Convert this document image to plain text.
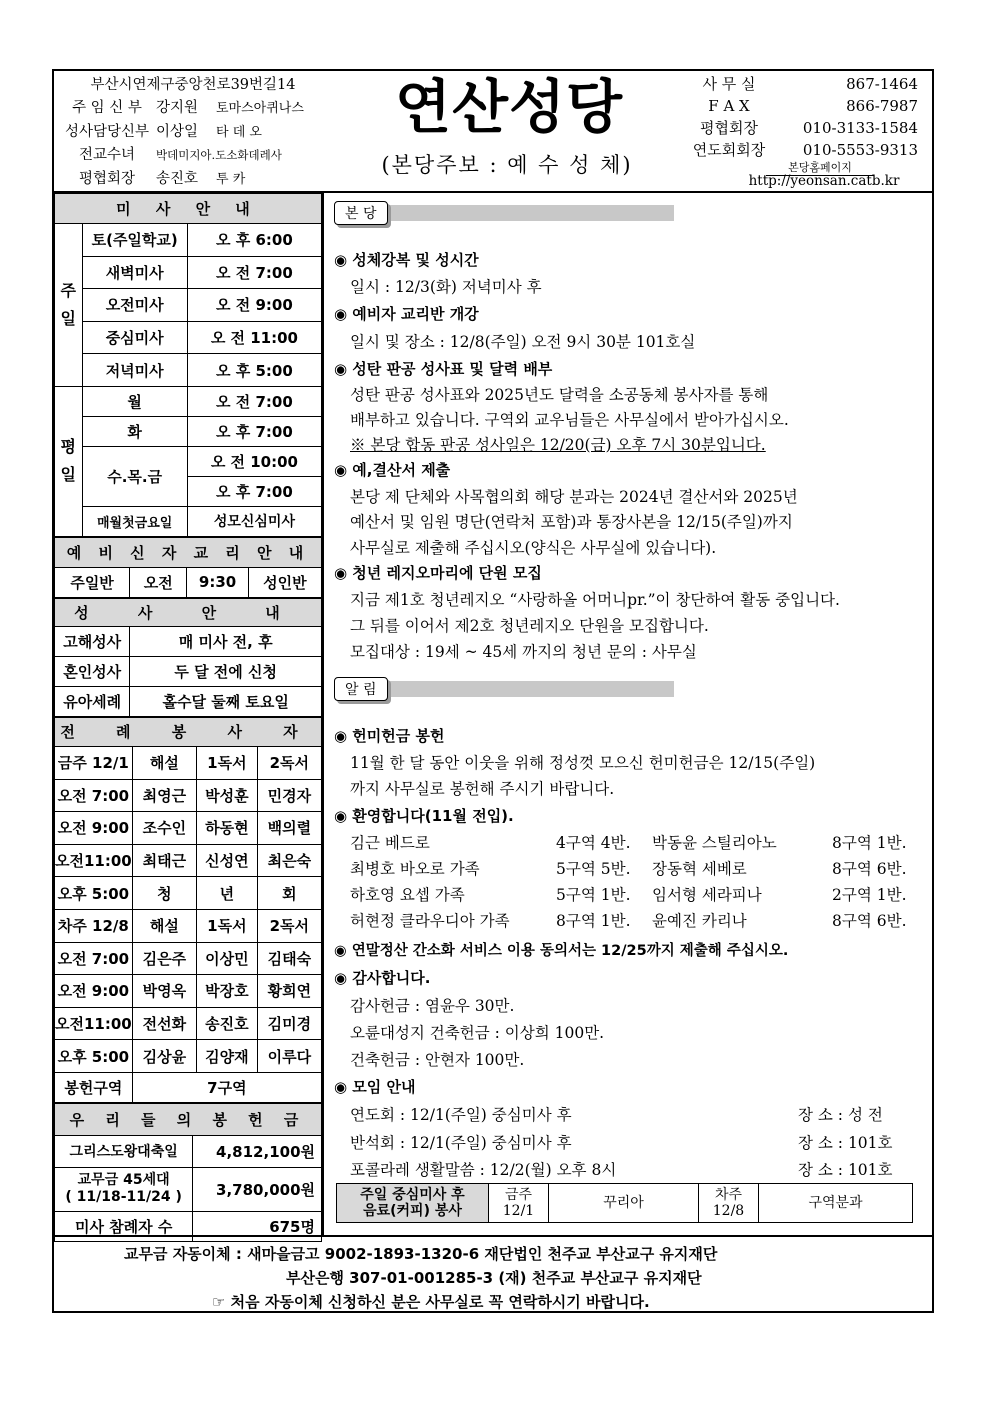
부산시연제구중앙천로39번길14
주 임 신 부 강지원	토마스아퀴나스
성사담당신부 이상일	타 데 오
전교수녀	박데미지아.도소화데레사
평협회장	송진호	투 카
연산성당
(본당주보 : 예 수 성 체)
사 무 실	867-1464
F A X	866-7987
평협회장	010-3133-1584
연도회회장	010-5553-9313
본당홈페이지
http://yeonsan.catb.kr
미 사 안 내		
주 일	토(주일학교)	오 후 6:00
	새벽미사	오 전 7:00
	오전미사	오 전 9:00
	중심미사	오 전 11:00
	저녁미사	오 후 5:00
평 일	월	오 전 7:00
	화	오 후 7:00
	수.목.금	오 전 10:00
		오 후 7:00
	매월첫금요일	성모신심미사
예 비 신 자 교 리 안 내
주일반	오전	9:30	성인반
성 사 안 내	
고해성사	매 미사 전, 후
혼인성사	두 달 전에 신청
유아세례	홀수달 둘째 토요일
전 례 봉 사 자			
금주 12/1	해설	1독서	2독서
오전 7:00	최영근	박성훈	민경자
오전 9:00	조수인	하동현	백의렬
오전11:00	최태근	신성연	최은숙
오후 5:00	청	년	회
차주 12/8	해설	1독서	2독서
오전 7:00	김은주	이상민	김태숙
오전 9:00	박영옥	박장호	황희연
오전11:00	전선화	송진호	김미경
오후 5:00	김상윤	김양재	이루다
봉헌구역	7구역		
우 리 들 의 봉 헌 금	
그리스도왕대축일	4,812,100원
교무금 45세대
( 11/18-11/24 )	3,780,000원
미사 참례자 수	675명
본 당
◉ 성체강복 및 성시간
일시 : 12/3(화) 저녁미사 후
◉ 예비자 교리반 개강
일시 및 장소 : 12/8(주일) 오전 9시 30분 101호실
◉ 성탄 판공 성사표 및 달력 배부
성탄 판공 성사표와 2025년도 달력을 소공동체 봉사자를 통해
배부하고 있습니다. 구역외 교우님들은 사무실에서 받아가십시오.
※ 본당 합동 판공 성사일은 12/20(금) 오후 7시 30분입니다.
◉ 예,결산서 제출
본당 제 단체와 사목협의회 해당 분과는 2024년 결산서와 2025년
예산서 및 임원 명단(연락처 포함)과 통장사본을 12/15(주일)까지
사무실로 제출해 주십시오(양식은 사무실에 있습니다).
◉ 청년 레지오마리에 단원 모집
지금 제1호 청년레지오 “사랑하올 어머니pr.”이 창단하여 활동 중입니다.
그 뒤를 이어서 제2호 청년레지오 단원을 모집합니다.
모집대상 : 19세 ~ 45세 까지의 청년 문의 : 사무실
알 림
◉ 헌미헌금 봉헌
11월 한 달 동안 이웃을 위해 정성껏 모으신 헌미헌금은 12/15(주일)
까지 사무실로 봉헌해 주시기 바랍니다.
◉ 환영합니다(11월 전입).
김근 베드로	4구역 4반. 박동윤 스틸리아노	8구역 1반.
최병호 바오로 가족	5구역 5반. 장동혁 세베로	8구역 6반.
하호영 요셉 가족	5구역 1반. 임서형 세라피나	2구역 1반.
허현정 클라우디아 가족	8구역 1반. 윤예진 카리나	8구역 6반.
◉ 연말정산 간소화 서비스 이용 동의서는 12/25까지 제출해 주십시오.
◉ 감사합니다.
감사헌금 : 염윤우 30만.
오륜대성지 건축헌금 : 이상희 100만.
건축헌금 : 안현자 100만.
◉ 모임 안내
연도회 : 12/1(주일) 중심미사 후	장 소 : 성 전
반석회 : 12/1(주일) 중심미사 후	장 소 : 101호
포콜라레 생활말씀 : 12/2(월) 오후 8시	장 소 : 101호
주일 중심미사 후
음료(커피) 봉사	금주
12/1	꾸리아	차주
12/8	구역분과
교무금 자동이체 : 새마을금고 9002-1893-1320-6 재단법인 천주교 부산교구 유지재단
부산은행 307-01-001285-3 (재) 천주교 부산교구 유지재단
☞ 처음 자동이체 신청하신 분은 사무실로 꼭 연락하시기 바랍니다.
